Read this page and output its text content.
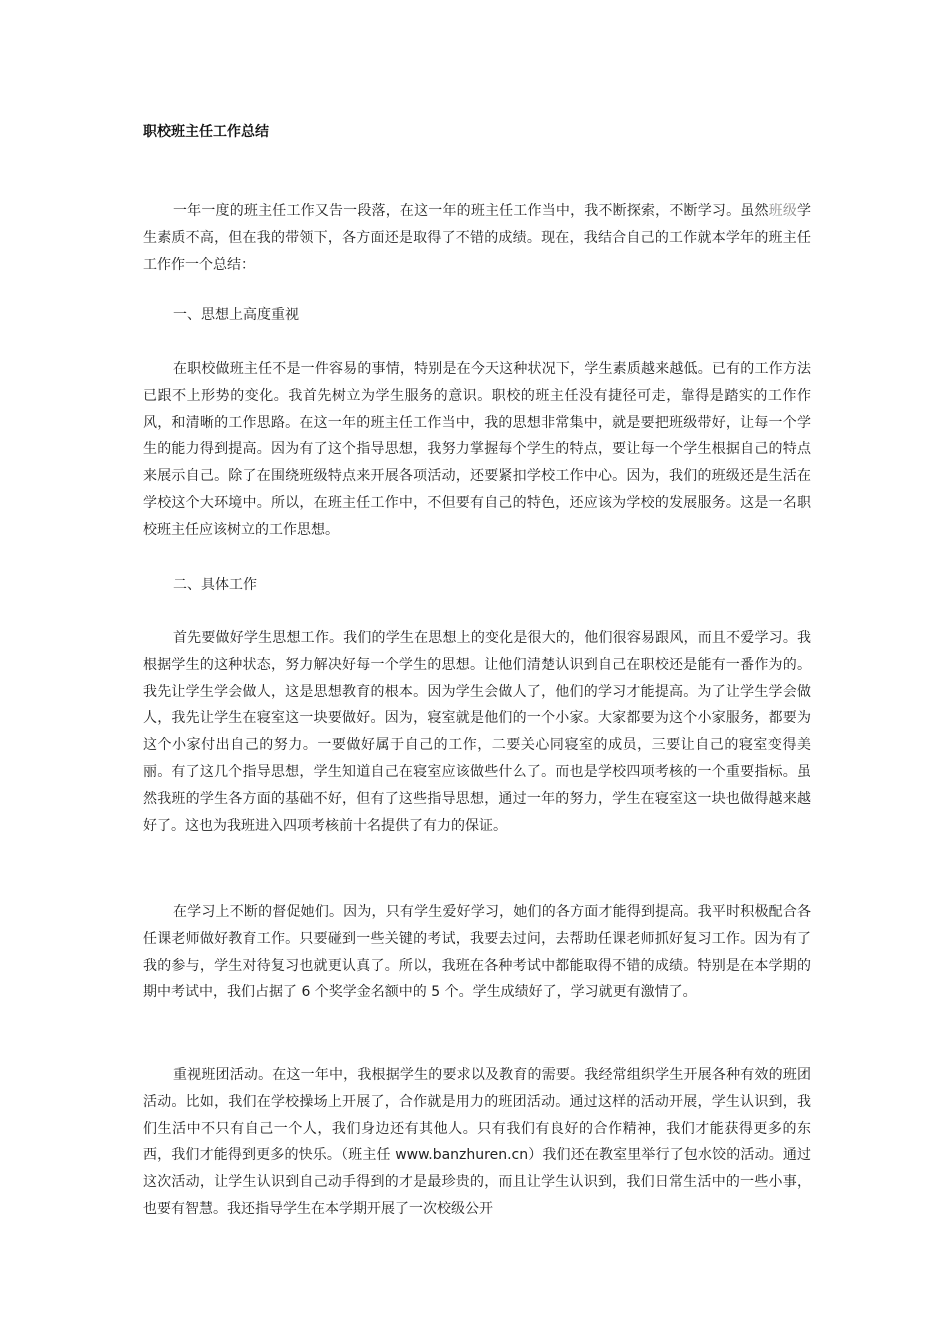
职校班主任工作总结

一年一度的班主任工作又告一段落，在这一年的班主任工作当中，我不断探索，不断学习。虽然班级学生素质不高，但在我的带领下，各方面还是取得了不错的成绩。现在，我结合自己的工作就本学年的班主任工作作一个总结：

一、思想上高度重视

在职校做班主任不是一件容易的事情，特别是在今天这种状况下，学生素质越来越低。已有的工作方法已跟不上形势的变化。我首先树立为学生服务的意识。职校的班主任没有捷径可走，靠得是踏实的工作作风，和清晰的工作思路。在这一年的班主任工作当中，我的思想非常集中，就是要把班级带好，让每一个学生的能力得到提高。因为有了这个指导思想，我努力掌握每个学生的特点，要让每一个学生根据自己的特点来展示自己。除了在围绕班级特点来开展各项活动，还要紧扣学校工作中心。因为，我们的班级还是生活在学校这个大环境中。所以，在班主任工作中，不但要有自己的特色，还应该为学校的发展服务。这是一名职校班主任应该树立的工作思想。

二、具体工作

首先要做好学生思想工作。我们的学生在思想上的变化是很大的，他们很容易跟风，而且不爱学习。我根据学生的这种状态，努力解决好每一个学生的思想。让他们清楚认识到自己在职校还是能有一番作为的。我先让学生学会做人，这是思想教育的根本。因为学生会做人了，他们的学习才能提高。为了让学生学会做人，我先让学生在寝室这一块要做好。因为，寝室就是他们的一个小家。大家都要为这个小家服务，都要为这个小家付出自己的努力。一要做好属于自己的工作，二要关心同寝室的成员，三要让自己的寝室变得美丽。有了这几个指导思想，学生知道自己在寝室应该做些什么了。而也是学校四项考核的一个重要指标。虽然我班的学生各方面的基础不好，但有了这些指导思想，通过一年的努力，学生在寝室这一块也做得越来越好了。这也为我班进入四项考核前十名提供了有力的保证。

在学习上不断的督促她们。因为，只有学生爱好学习，她们的各方面才能得到提高。我平时积极配合各任课老师做好教育工作。只要碰到一些关键的考试，我要去过问，去帮助任课老师抓好复习工作。因为有了我的参与，学生对待复习也就更认真了。所以，我班在各种考试中都能取得不错的成绩。特别是在本学期的期中考试中，我们占据了 6 个奖学金名额中的 5 个。学生成绩好了，学习就更有激情了。

重视班团活动。在这一年中，我根据学生的要求以及教育的需要。我经常组织学生开展各种有效的班团活动。比如，我们在学校操场上开展了，合作就是用力的班团活动。通过这样的活动开展，学生认识到，我们生活中不只有自己一个人，我们身边还有其他人。只有我们有良好的合作精神，我们才能获得更多的东西，我们才能得到更多的快乐。（班主任 www.banzhuren.cn）我们还在教室里举行了包水饺的活动。通过这次活动，让学生认识到自己动手得到的才是最珍贵的，而且让学生认识到，我们日常生活中的一些小事，也要有智慧。我还指导学生在本学期开展了一次校级公开
